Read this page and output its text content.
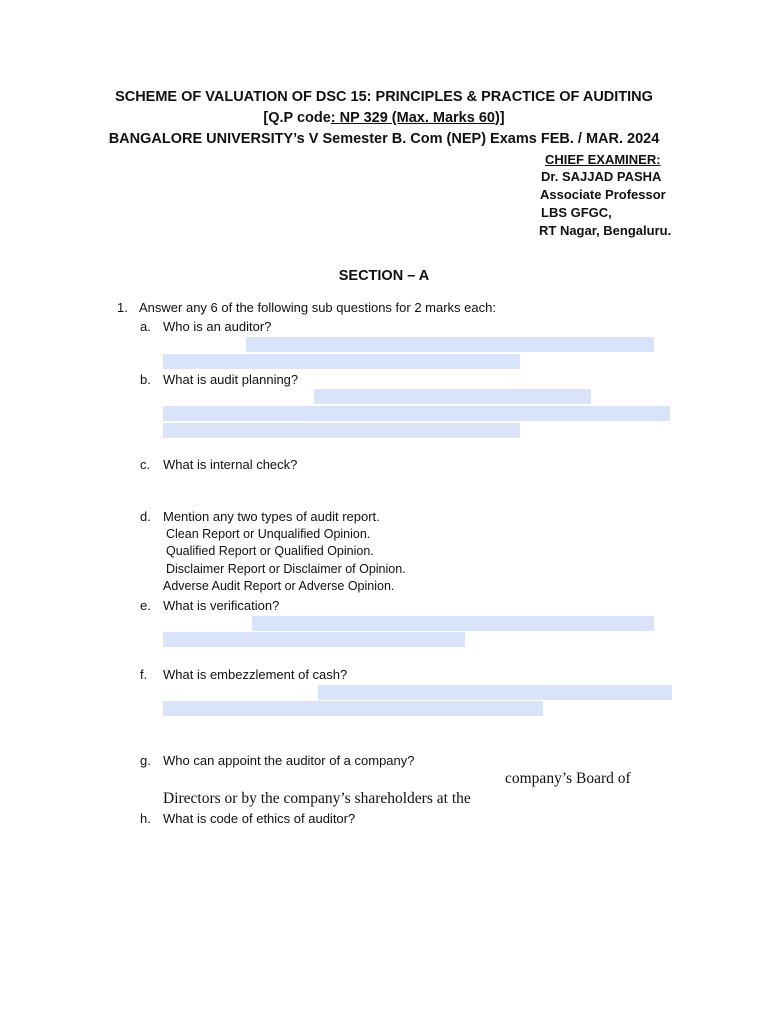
SCHEME OF VALUATION OF DSC 15: PRINCIPLES & PRACTICE OF AUDITING
[Q.P code: NP 329 (Max. Marks 60)]
BANGALORE UNIVERSITY’s V Semester B. Com (NEP) Exams FEB. / MAR. 2024
CHIEF EXAMINER:
Dr. SAJJAD PASHA
Associate Professor
LBS GFGC,
RT Nagar, Bengaluru.
SECTION – A
1. Answer any 6 of the following sub questions for 2 marks each:
a. Who is an auditor?
b. What is audit planning?
c. What is internal check?
d. Mention any two types of audit report.
Clean Report or Unqualified Opinion.
Qualified Report or Qualified Opinion.
Disclaimer Report or Disclaimer of Opinion.
Adverse Audit Report or Adverse Opinion.
e. What is verification?
f. What is embezzlement of cash?
g. Who can appoint the auditor of a company?
company’s Board of
Directors or by the company’s shareholders at the
h. What is code of ethics of auditor?
